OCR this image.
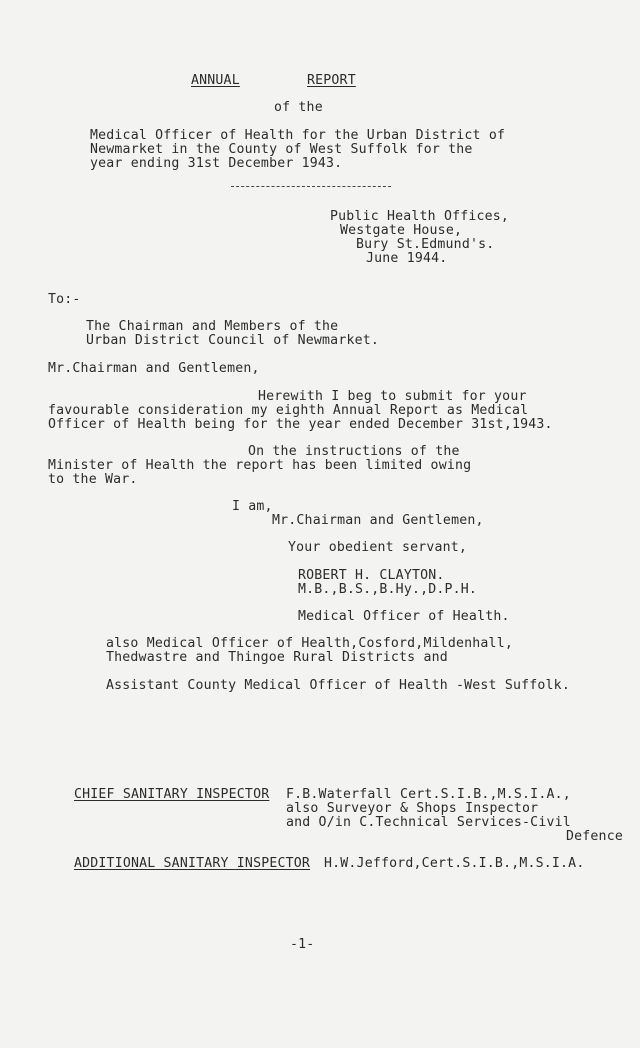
ANNUAL	REPORT
of the
Medical Officer of Health for the Urban District of
Newmarket in the County of West Suffolk for the
year ending 31st December 1943.
Public Health Offices,
Westgate House,
Bury St.Edmund's.
June 1944.
To:-
The Chairman and Members of the
Urban District Council of Newmarket.
Mr.Chairman and Gentlemen,
Herewith I beg to submit for your
favourable consideration my eighth Annual Report as Medical
Officer of Health being for the year ended December 31st,1943.
On the instructions of the
Minister of Health the report has been limited owing
to the War.
I am,
Mr.Chairman and Gentlemen,
Your obedient servant,
ROBERT H. CLAYTON.
M.B.,B.S.,B.Hy.,D.P.H.
Medical Officer of Health.
also Medical Officer of Health,Cosford,Mildenhall,
Thedwastre and Thingoe Rural Districts and
Assistant County Medical Officer of Health -West Suffolk.
CHIEF SANITARY INSPECTOR F.B.Waterfall Cert.S.I.B.,M.S.I.A.,
also Surveyor & Shops Inspector
and O/in C.Technical Services-Civil
Defence
ADDITIONAL SANITARY INSPECTOR H.W.Jefford,Cert.S.I.B.,M.S.I.A.
-1-
